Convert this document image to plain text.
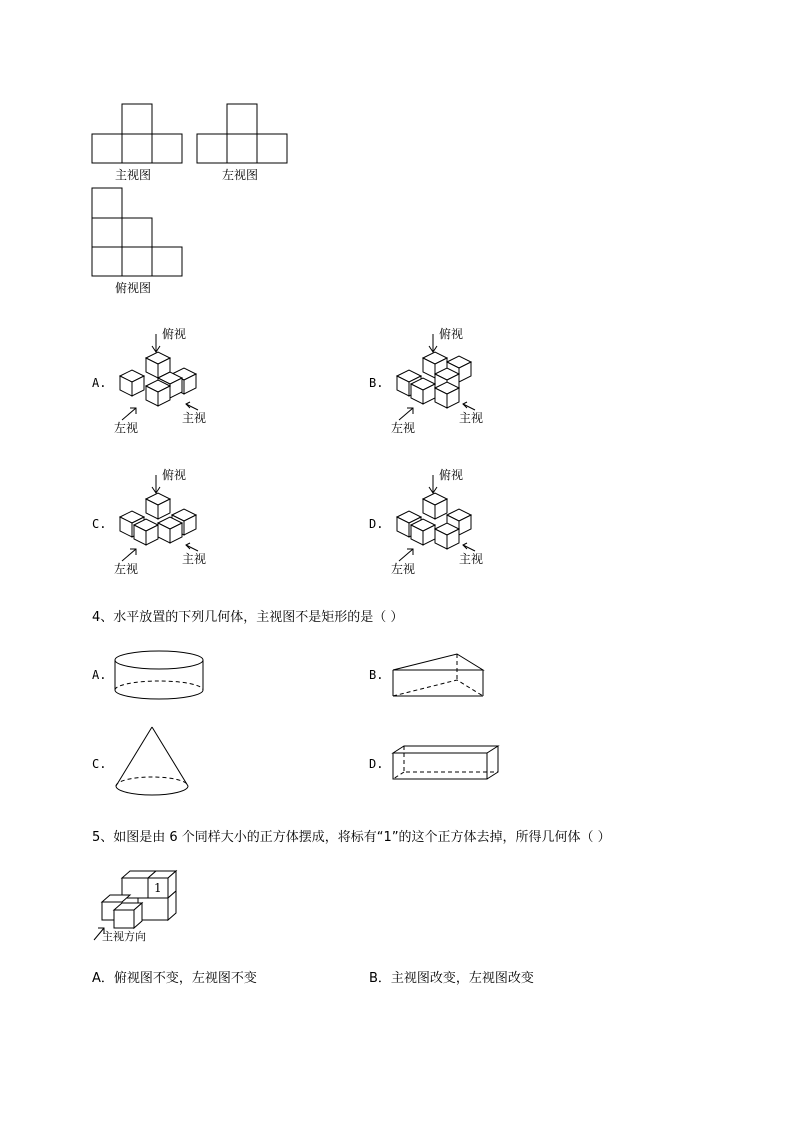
主视图	左视图
俯视图
A.
俯视
左视
主视
B.
俯视
左视
主视
C.
俯视
左视
主视
D.
俯视
左视
主视
4、水平放置的下列几何体，主视图不是矩形的是（ ）
A.	B.
C.	D.
5、如图是由 6 个同样大小的正方体摆成，将标有“1”的这个正方体去掉，所得几何体（ ）
1
主视方向
A．俯视图不变，左视图不变	B．主视图改变，左视图改变
